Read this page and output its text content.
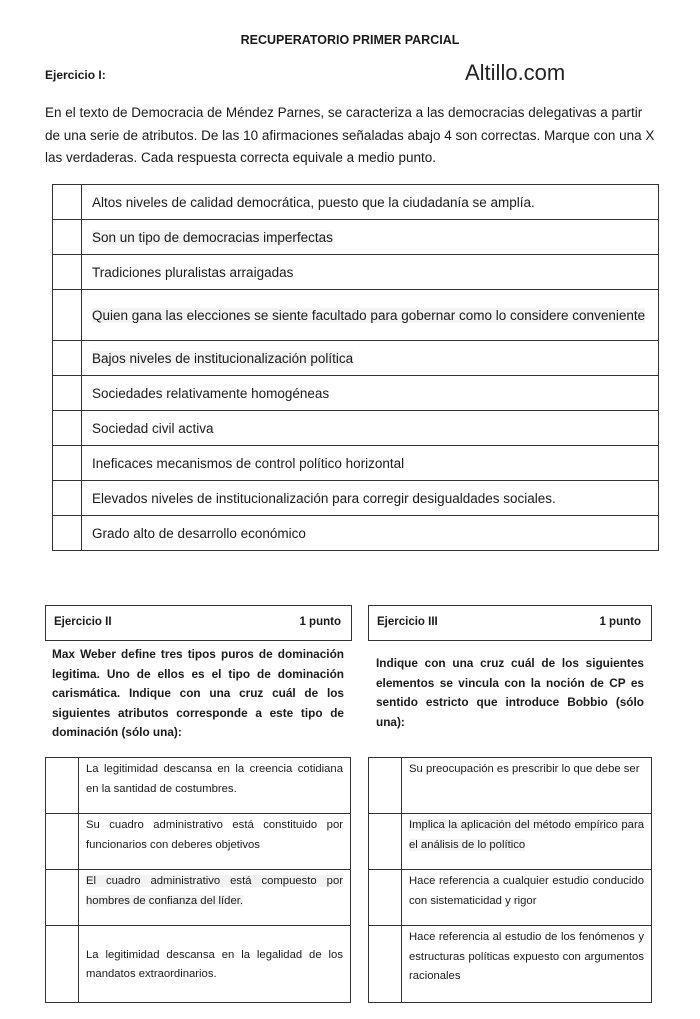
RECUPERATORIO PRIMER PARCIAL
Ejercicio I:	Altillo.com
En el texto de Democracia de Méndez Parnes, se caracteriza a las democracias delegativas a partir de una serie de atributos. De las 10 afirmaciones señaladas abajo 4 son correctas. Marque con una X las verdaderas. Cada respuesta correcta equivale a medio punto.
	Altos niveles de calidad democrática, puesto que la ciudadanía se amplía.
	Son un tipo de democracias imperfectas
	Tradiciones pluralistas arraigadas
	Quien gana las elecciones se siente facultado para gobernar como lo considere conveniente
	Bajos niveles de institucionalización política
	Sociedades relativamente homogéneas
	Sociedad civil activa
	Ineficaces mecanismos de control político horizontal
	Elevados niveles de institucionalización para corregir desigualdades sociales.
	Grado alto de desarrollo económico
Ejercicio II	1 punto	Ejercicio III	1 punto
Max Weber define tres tipos puros de dominación legitima. Uno de ellos es el tipo de dominación carismática. Indique con una cruz cuál de los siguientes atributos corresponde a este tipo de dominación (sólo una):
Indique con una cruz cuál de los siguientes elementos se vincula con la noción de CP es sentido estricto que introduce Bobbio (sólo una):
	La legitimidad descansa en la creencia cotidiana en la santidad de costumbres.
	Su cuadro administrativo está constituido por funcionarios con deberes objetivos
	El cuadro administrativo está compuesto por hombres de confianza del líder.
	La legitimidad descansa en la legalidad de los mandatos extraordinarios.
	Su preocupación es prescribir lo que debe ser
	Implica la aplicación del método empírico para el análisis de lo político
	Hace referencia a cualquier estudio conducido con sistematicidad y rigor
	Hace referencia al estudio de los fenómenos y estructuras políticas expuesto con argumentos racionales
